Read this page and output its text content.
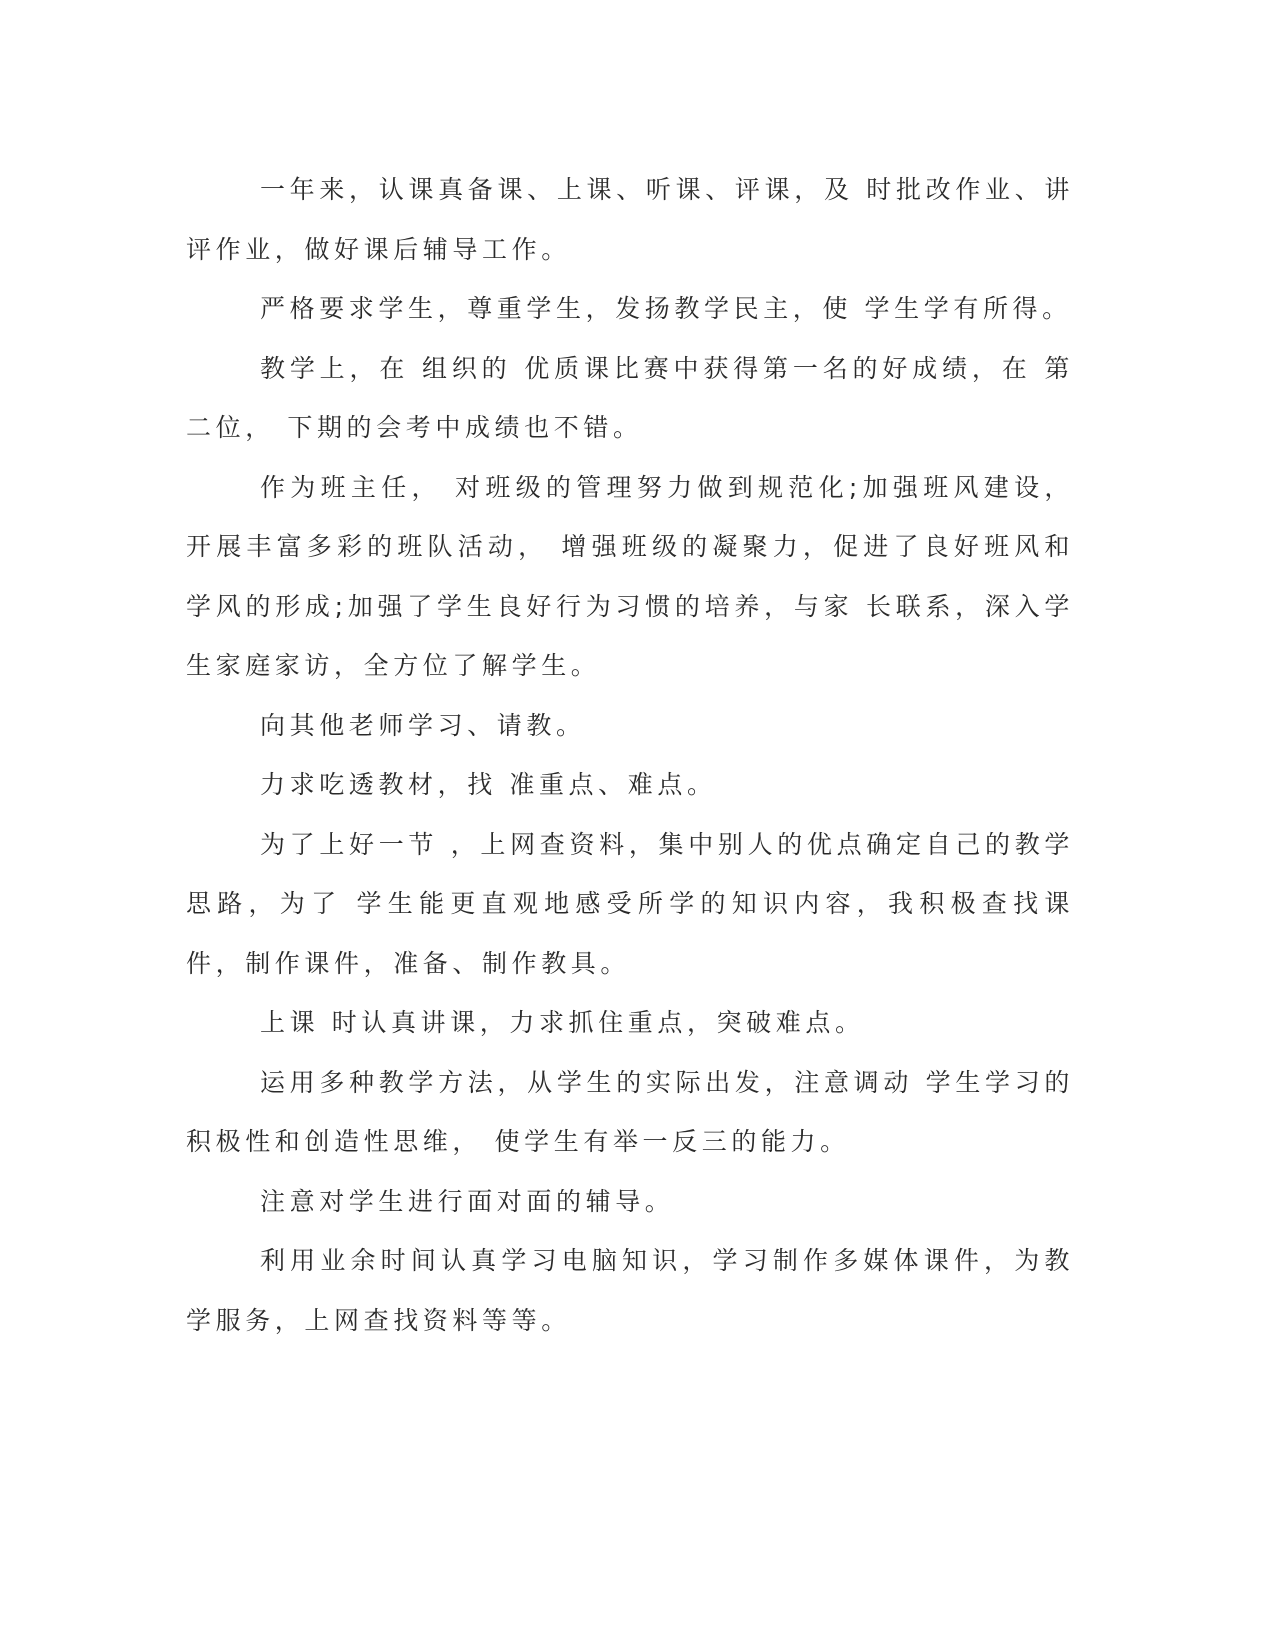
一年来，认课真备课、上课、听课、评课，及 时批改作业、讲评作业，做好课后辅导工作。

严格要求学生，尊重学生，发扬教学民主，使 学生学有所得。

教学上，在 组织的 优质课比赛中获得第一名的好成绩，在 第二位， 下期的会考中成绩也不错。

作为班主任， 对班级的管理努力做到规范化;加强班风建设， 开展丰富多彩的班队活动， 增强班级的凝聚力，促进了良好班风和学风的形成;加强了学生良好行为习惯的培养，与家 长联系，深入学生家庭家访，全方位了解学生。

向其他老师学习、请教。

力求吃透教材，找 准重点、难点。

为了上好一节 ，上网查资料，集中别人的优点确定自己的教学思路，为了 学生能更直观地感受所学的知识内容，我积极查找课件，制作课件，准备、制作教具。

上课 时认真讲课，力求抓住重点，突破难点。

运用多种教学方法，从学生的实际出发，注意调动 学生学习的积极性和创造性思维， 使学生有举一反三的能力。

注意对学生进行面对面的辅导。

利用业余时间认真学习电脑知识，学习制作多媒体课件，为教学服务，上网查找资料等等。
